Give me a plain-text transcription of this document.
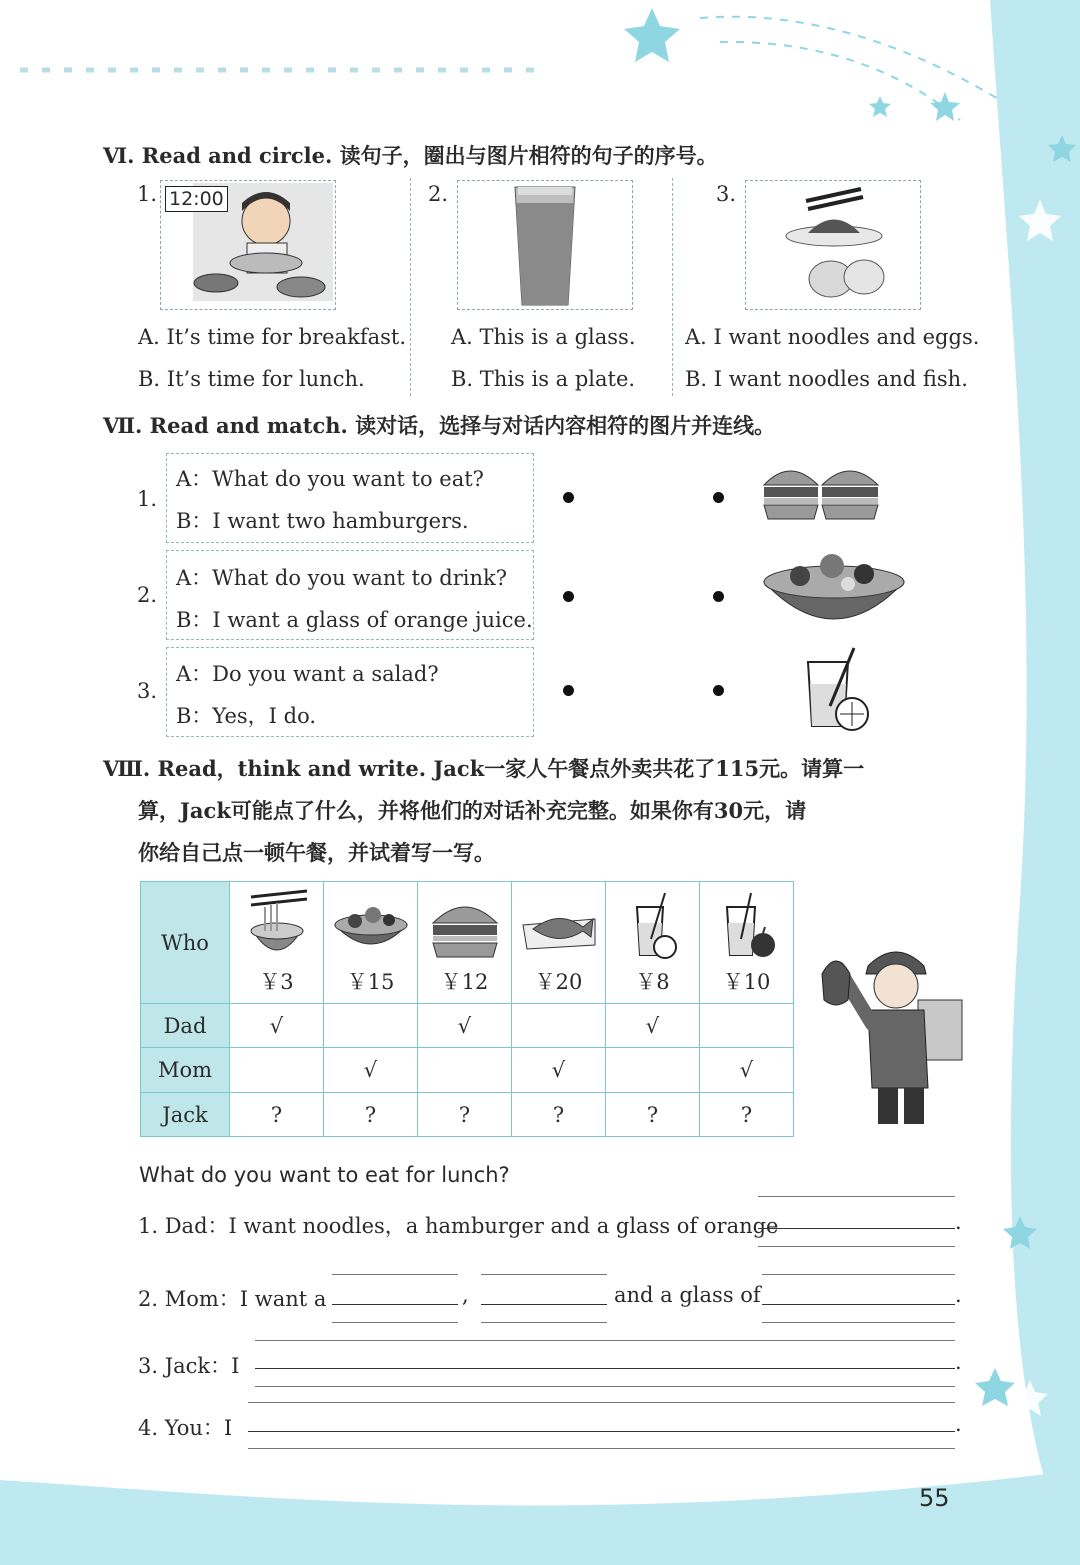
Ⅵ. Read and circle. 读句子，圈出与图片相符的句子的序号。
1. 12:00
A. It’s time for breakfast.
B. It’s time for lunch.
2.
A. This is a glass.
B. This is a plate.
3.
A. I want noodles and eggs.
B. I want noodles and fish.
Ⅶ. Read and match. 读对话，选择与对话内容相符的图片并连线。
1.
A：What do you want to eat?
B：I want two hamburgers.
2.
A：What do you want to drink?
B：I want a glass of orange juice.
3.
A：Do you want a salad?
B：Yes，I do.
Ⅷ. Read，think and write. Jack一家人午餐点外卖共花了115元。请算一
算，Jack可能点了什么，并将他们的对话补充完整。如果你有30元，请
你给自己点一顿午餐，并试着写一写。
Who	￥3	￥15	￥12	￥20	￥8	￥10

Dad	√		√		√	
Mom		√		√		√
Jack	?	?	?	?	?	?
What do you want to eat for lunch?
1. Dad：I want noodles，a hamburger and a glass of orange	.
2. Mom：I want a	,	and a glass of	.
3. Jack：I	.
4. You：I	.
55
